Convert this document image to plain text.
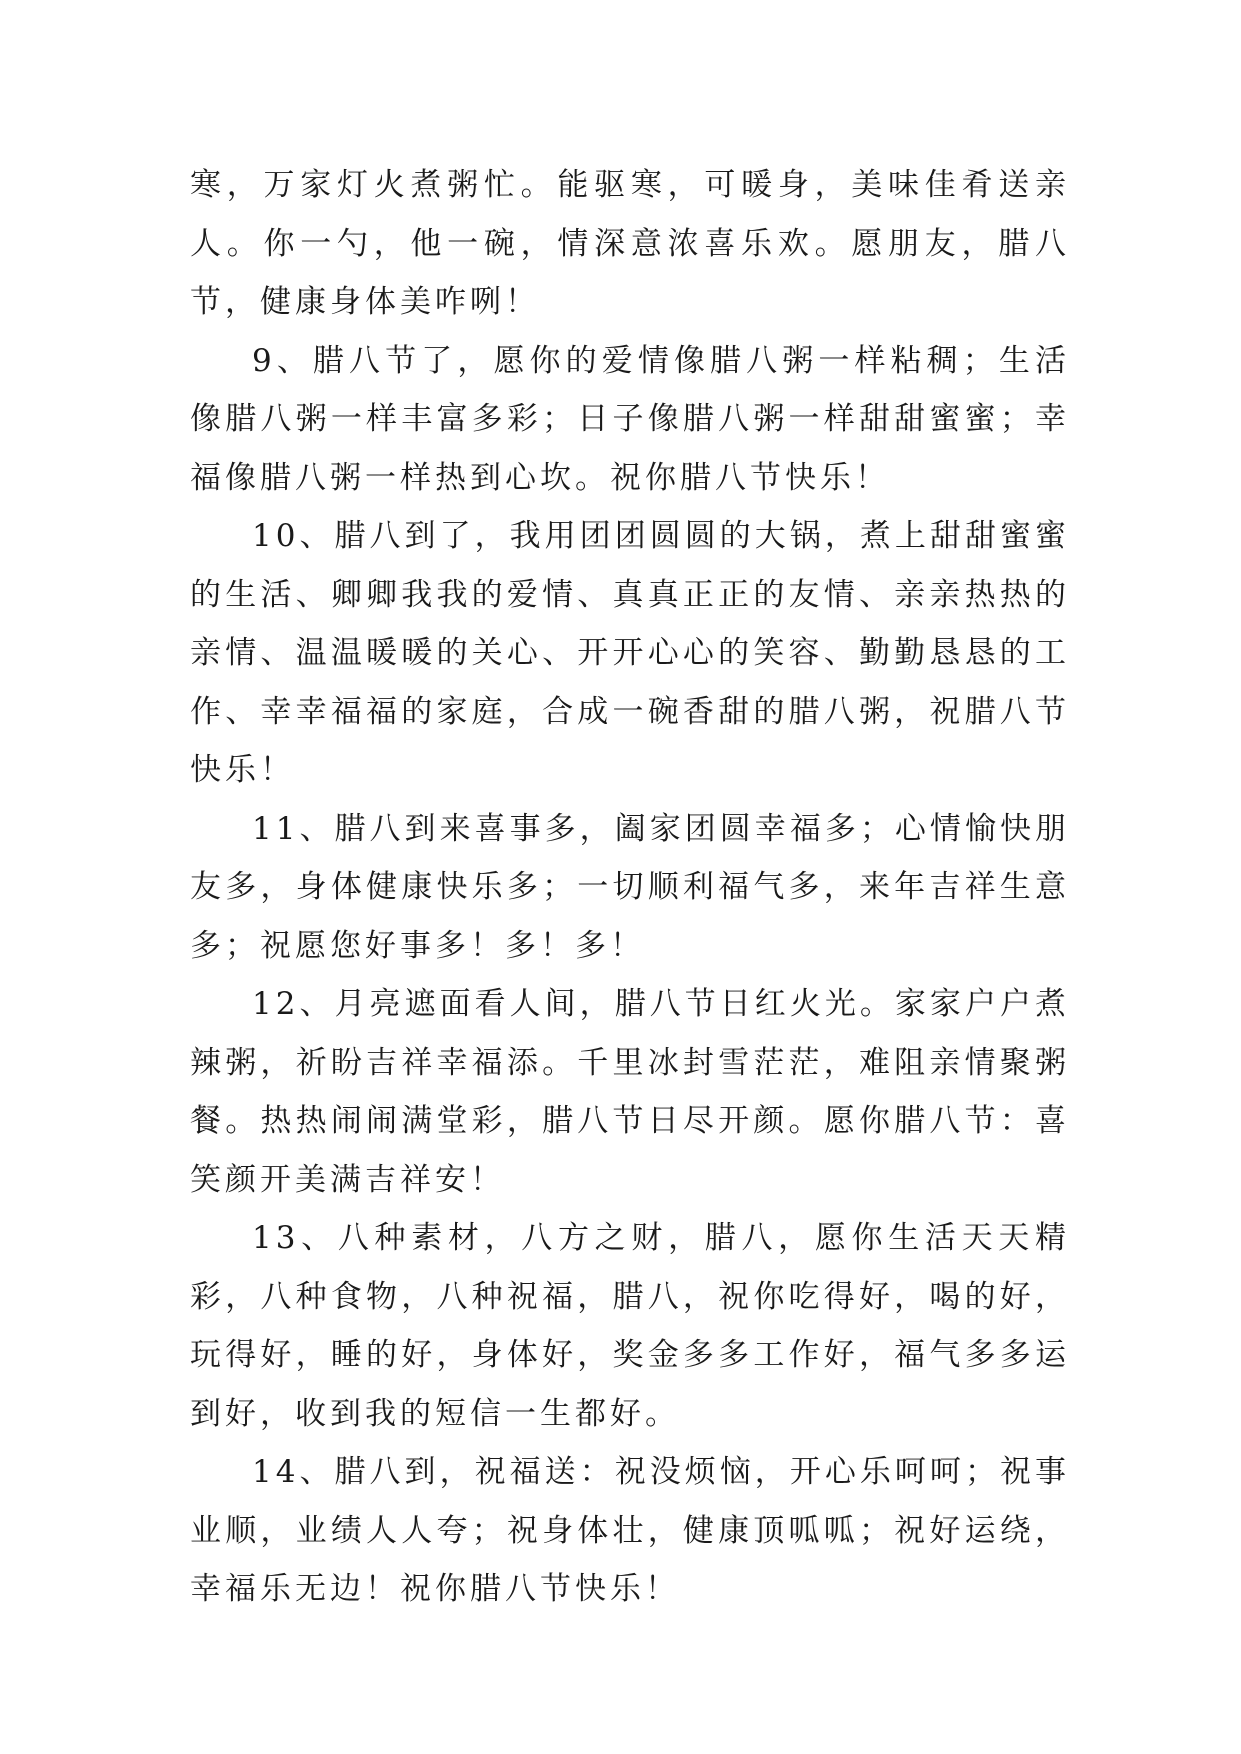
寒，万家灯火煮粥忙。能驱寒，可暖身，美味佳肴送亲人。你一勺，他一碗，情深意浓喜乐欢。愿朋友，腊八节，健康身体美咋咧！

9、腊八节了，愿你的爱情像腊八粥一样粘稠；生活像腊八粥一样丰富多彩；日子像腊八粥一样甜甜蜜蜜；幸福像腊八粥一样热到心坎。祝你腊八节快乐！

10、腊八到了，我用团团圆圆的大锅，煮上甜甜蜜蜜的生活、卿卿我我的爱情、真真正正的友情、亲亲热热的亲情、温温暖暖的关心、开开心心的笑容、勤勤恳恳的工作、幸幸福福的家庭，合成一碗香甜的腊八粥，祝腊八节快乐！

11、腊八到来喜事多，阖家团圆幸福多；心情愉快朋友多，身体健康快乐多；一切顺利福气多，来年吉祥生意多；祝愿您好事多！多！多！

12、月亮遮面看人间，腊八节日红火光。家家户户煮辣粥，祈盼吉祥幸福添。千里冰封雪茫茫，难阻亲情聚粥餐。热热闹闹满堂彩，腊八节日尽开颜。愿你腊八节：喜笑颜开美满吉祥安！

13、八种素材，八方之财，腊八，愿你生活天天精彩，八种食物，八种祝福，腊八，祝你吃得好，喝的好，玩得好，睡的好，身体好，奖金多多工作好，福气多多运到好，收到我的短信一生都好。

14、腊八到，祝福送：祝没烦恼，开心乐呵呵；祝事业顺，业绩人人夸；祝身体壮，健康顶呱呱；祝好运绕，幸福乐无边！祝你腊八节快乐！
